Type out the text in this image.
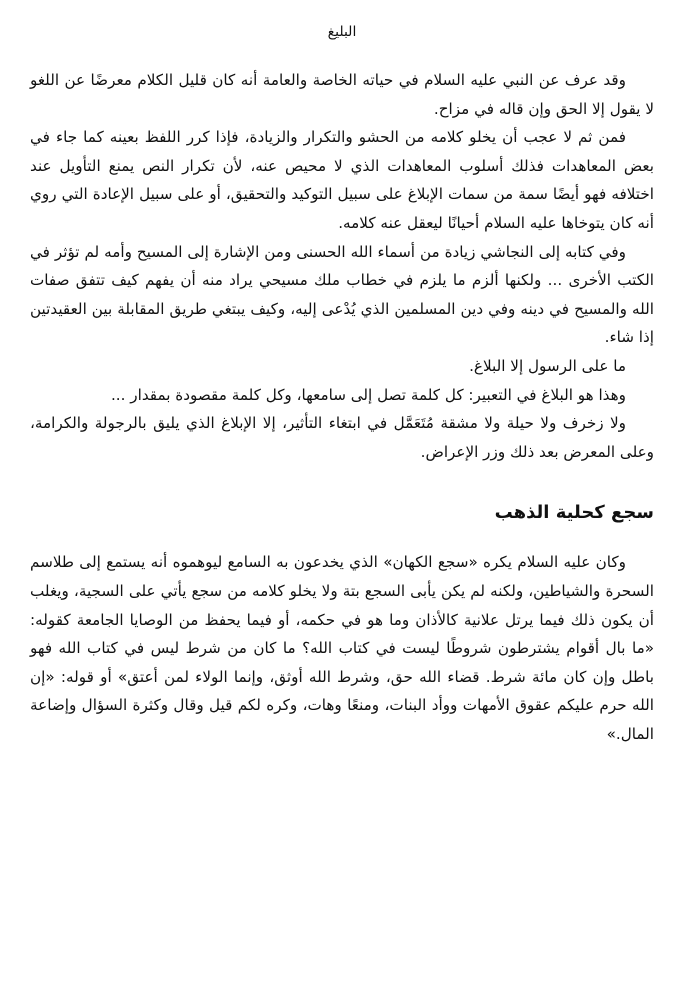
البليغ

وقد عرف عن النبي عليه السلام في حياته الخاصة والعامة أنه كان قليل الكلام معرضًا عن اللغو لا يقول إلا الحق وإن قاله في مزاح.

فمن ثم لا عجب أن يخلو كلامه من الحشو والتكرار والزيادة، فإذا كرر اللفظ بعينه كما جاء في بعض المعاهدات فذلك أسلوب المعاهدات الذي لا محيص عنه، لأن تكرار النص يمنع التأويل عند اختلافه فهو أيضًا سمة من سمات الإبلاغ على سبيل التوكيد والتحقيق، أو على سبيل الإعادة التي روي أنه كان يتوخاها عليه السلام أحيانًا ليعقل عنه كلامه.

وفي كتابه إلى النجاشي زيادة من أسماء الله الحسنى ومن الإشارة إلى المسيح وأمه لم تؤثر في الكتب الأخرى ... ولكنها ألزم ما يلزم في خطاب ملك مسيحي يراد منه أن يفهم كيف تتفق صفات الله والمسيح في دينه وفي دين المسلمين الذي يُدْعى إليه، وكيف يبتغي طريق المقابلة بين العقيدتين إذا شاء.

ما على الرسول إلا البلاغ.

وهذا هو البلاغ في التعبير: كل كلمة تصل إلى سامعها، وكل كلمة مقصودة بمقدار ...

ولا زخرف ولا حيلة ولا مشقة مُتَعَمَّل في ابتغاء التأثير، إلا الإبلاغ الذي يليق بالرجولة والكرامة، وعلى المعرض بعد ذلك وزر الإعراض.

سجع كحلية الذهب

وكان عليه السلام يكره «سجع الكهان» الذي يخدعون به السامع ليوهموه أنه يستمع إلى طلاسم السحرة والشياطين، ولكنه لم يكن يأبى السجع بتة ولا يخلو كلامه من سجع يأتي على السجية، ويغلب أن يكون ذلك فيما يرتل علانية كالأذان وما هو في حكمه، أو فيما يحفظ من الوصايا الجامعة كقوله: «ما بال أقوام يشترطون شروطًا ليست في كتاب الله؟ ما كان من شرط ليس في كتاب الله فهو باطل وإن كان مائة شرط. قضاء الله حق، وشرط الله أوثق، وإنما الولاء لمن أعتق» أو قوله: «إن الله حرم عليكم عقوق الأمهات ووأد البنات، ومنعًا وهات، وكره لكم قيل وقال وكثرة السؤال وإضاعة المال.»
